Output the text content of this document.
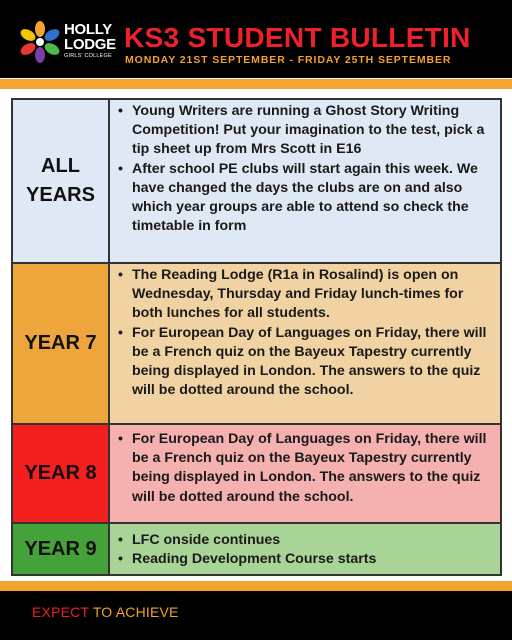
HOLLY
LODGE
GIRLS' COLLEGE
KS3 STUDENT BULLETIN
MONDAY 21ST SEPTEMBER - FRIDAY 25TH SEPTEMBER
ALL
YEARS
• Young Writers are running a Ghost Story Writing Competition! Put your imagination to the test, pick a tip sheet up from Mrs Scott in E16
• After school PE clubs will start again this week. We have changed the days the clubs are on and also which year groups are able to attend so check the timetable in form
YEAR 7
• The Reading Lodge (R1a in Rosalind) is open on Wednesday, Thursday and Friday lunch-times for both lunches for all students.
• For European Day of Languages on Friday, there will be a French quiz on the Bayeux Tapestry currently being displayed in London. The answers to the quiz will be dotted around the school.
YEAR 8
• For European Day of Languages on Friday, there will be a French quiz on the Bayeux Tapestry currently being displayed in London. The answers to the quiz will be dotted around the school.
YEAR 9
•	LFC onside continues
• Reading Development Course starts
EXPECT TO ACHIEVE
